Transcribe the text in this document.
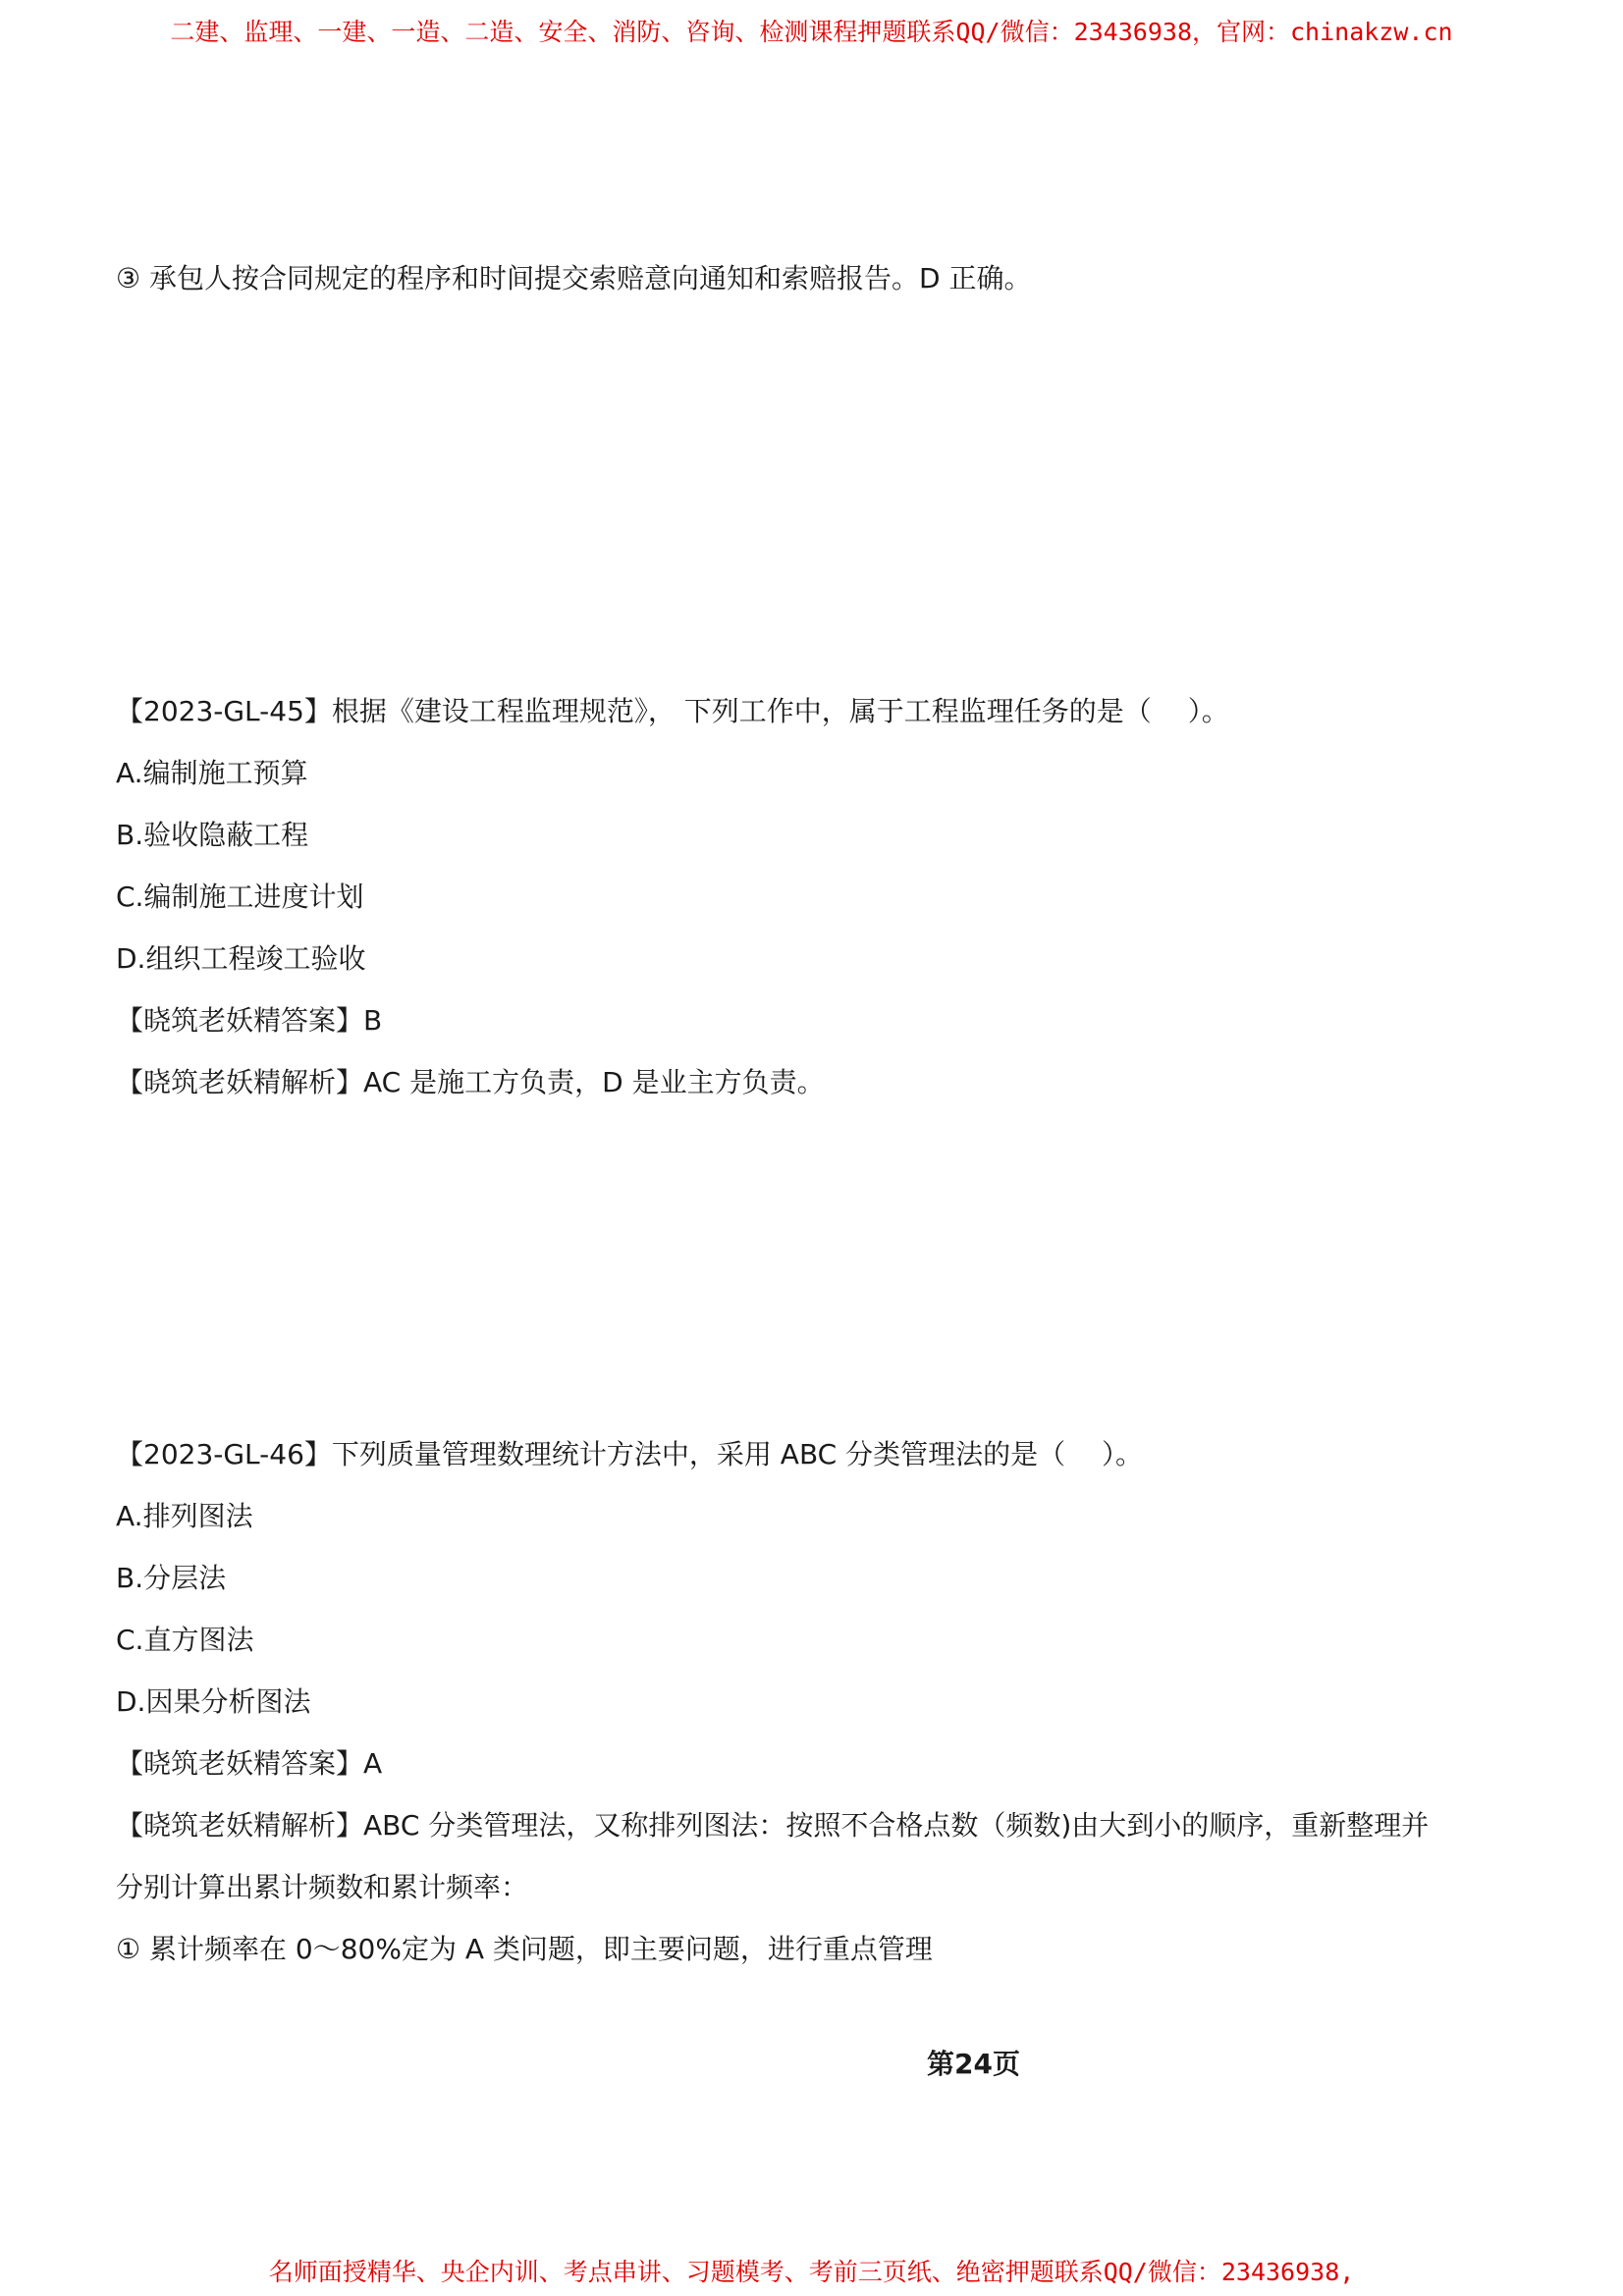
二建、监理、一建、一造、二造、安全、消防、咨询、检测课程押题联系QQ/微信：23436938，官网：chinakzw.cn
③ 承包人按合同规定的程序和时间提交索赔意向通知和索赔报告。D 正确。
【2023-GL-45】根据《建设工程监理规范》， 下列工作中，属于工程监理任务的是（　 ）。
A.编制施工预算
B.验收隐蔽工程
C.编制施工进度计划
D.组织工程竣工验收
【晓筑老妖精答案】B
【晓筑老妖精解析】AC 是施工方负责，D 是业主方负责。
【2023-GL-46】下列质量管理数理统计方法中，采用 ABC 分类管理法的是（　 ）。
A.排列图法
B.分层法
C.直方图法
D.因果分析图法
【晓筑老妖精答案】A
【晓筑老妖精解析】ABC 分类管理法，又称排列图法：按照不合格点数（频数)由大到小的顺序，重新整理并
分别计算出累计频数和累计频率：
① 累计频率在 0～80%定为 A 类问题，即主要问题，进行重点管理
第24页
名师面授精华、央企内训、考点串讲、习题模考、考前三页纸、绝密押题联系QQ/微信：23436938,
